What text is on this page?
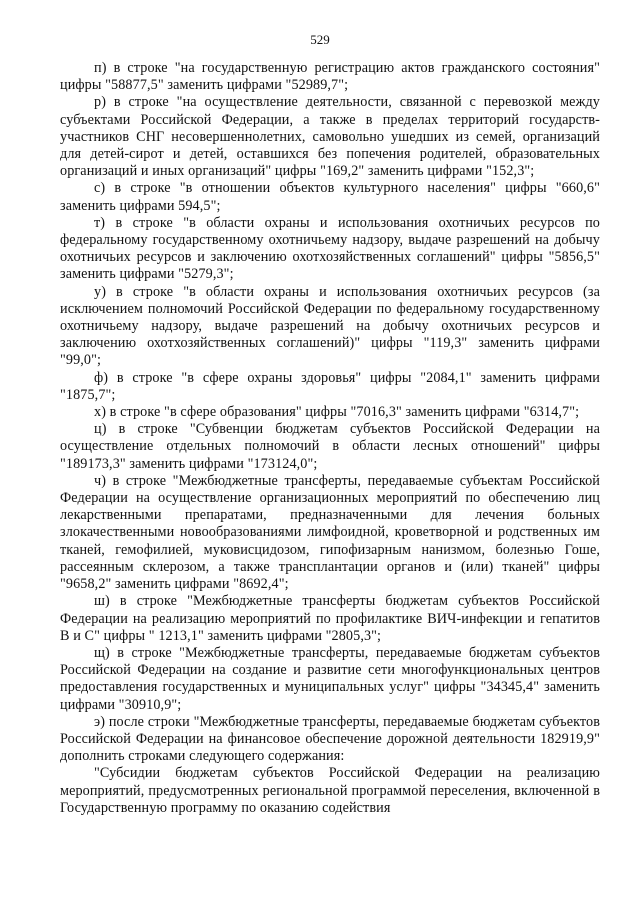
529

п) в строке "на государственную регистрацию актов гражданского состояния" цифры "58877,5" заменить цифрами "52989,7";

р) в строке "на осуществление деятельности, связанной с перевозкой между субъектами Российской Федерации, а также в пределах территорий государств-участников СНГ несовершеннолетних, самовольно ушедших из семей, организаций для детей-сирот и детей, оставшихся без попечения родителей, образовательных организаций и иных организаций" цифры "169,2" заменить цифрами "152,3";

с) в строке "в отношении объектов культурного населения" цифры "660,6" заменить цифрами 594,5";

т) в строке "в области охраны и использования охотничьих ресурсов по федеральному государственному охотничьему надзору, выдаче разрешений на добычу охотничьих ресурсов и заключению охотхозяйственных соглашений" цифры "5856,5" заменить цифрами "5279,3";

у) в строке "в области охраны и использования охотничьих ресурсов (за исключением полномочий Российской Федерации по федеральному государственному охотничьему надзору, выдаче разрешений на добычу охотничьих ресурсов и заключению охотхозяйственных соглашений)" цифры "119,3" заменить цифрами "99,0";

ф) в строке "в сфере охраны здоровья" цифры "2084,1" заменить цифрами "1875,7";

х) в строке "в сфере образования" цифры "7016,3" заменить цифрами "6314,7";

ц) в строке "Субвенции бюджетам субъектов Российской Федерации на осуществление отдельных полномочий в области лесных отношений" цифры "189173,3" заменить цифрами "173124,0";

ч) в строке "Межбюджетные трансферты, передаваемые субъектам Российской Федерации на осуществление организационных мероприятий по обеспечению лиц лекарственными препаратами, предназначенными для лечения больных злокачественными новообразованиями лимфоидной, кроветворной и родственных им тканей, гемофилией, муковисцидозом, гипофизарным нанизмом, болезнью Гоше, рассеянным склерозом, а также трансплантации органов и (или) тканей" цифры "9658,2" заменить цифрами "8692,4";

ш) в строке "Межбюджетные трансферты бюджетам субъектов Российской Федерации на реализацию мероприятий по профилактике ВИЧ-инфекции и гепатитов B и C" цифры " 1213,1" заменить цифрами "2805,3";

щ) в строке "Межбюджетные трансферты, передаваемые бюджетам субъектов Российской Федерации на создание и развитие сети многофункциональных центров предоставления государственных и муниципальных услуг" цифры "34345,4" заменить цифрами "30910,9";

э) после строки "Межбюджетные трансферты, передаваемые бюджетам субъектов Российской Федерации на финансовое обеспечение дорожной деятельности 182919,9" дополнить строками следующего содержания:

"Субсидии бюджетам субъектов Российской Федерации на реализацию мероприятий, предусмотренных региональной программой переселения, включенной в Государственную программу по оказанию содействия
